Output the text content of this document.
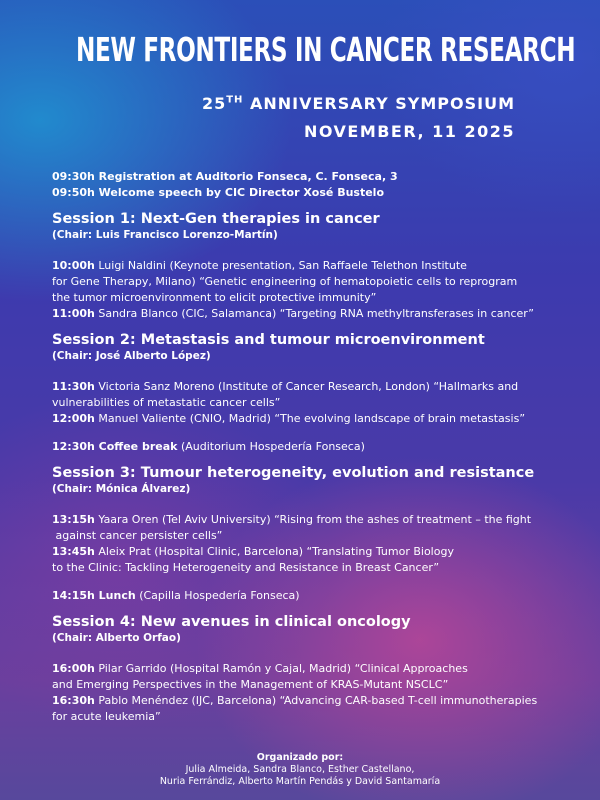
NEW FRONTIERS IN CANCER RESEARCH
25TH ANNIVERSARY SYMPOSIUM
NOVEMBER, 11 2025
09:30h Registration at Auditorio Fonseca, C. Fonseca, 3
09:50h Welcome speech by CIC Director Xosé Bustelo
Session 1: Next-Gen therapies in cancer
(Chair: Luis Francisco Lorenzo-Martín)
10:00h Luigi Naldini (Keynote presentation, San Raffaele Telethon Institute
for Gene Therapy, Milano) “Genetic engineering of hematopoietic cells to reprogram
the tumor microenvironment to elicit protective immunity”
11:00h Sandra Blanco (CIC, Salamanca) “Targeting RNA methyltransferases in cancer”
Session 2: Metastasis and tumour microenvironment
(Chair: José Alberto López)
11:30h Victoria Sanz Moreno (Institute of Cancer Research, London) “Hallmarks and
vulnerabilities of metastatic cancer cells”
12:00h Manuel Valiente (CNIO, Madrid) “The evolving landscape of brain metastasis”
12:30h Coffee break (Auditorium Hospedería Fonseca)
Session 3: Tumour heterogeneity, evolution and resistance
(Chair: Mónica Álvarez)
13:15h Yaara Oren (Tel Aviv University) “Rising from the ashes of treatment – the fight
against cancer persister cells”
13:45h Aleix Prat (Hospital Clinic, Barcelona) “Translating Tumor Biology
to the Clinic: Tackling Heterogeneity and Resistance in Breast Cancer”
14:15h Lunch (Capilla Hospedería Fonseca)
Session 4: New avenues in clinical oncology
(Chair: Alberto Orfao)
16:00h Pilar Garrido (Hospital Ramón y Cajal, Madrid) “Clinical Approaches
and Emerging Perspectives in the Management of KRAS-Mutant NSCLC”
16:30h Pablo Menéndez (IJC, Barcelona) “Advancing CAR-based T-cell immunotherapies
for acute leukemia”
Organizado por:
Julia Almeida, Sandra Blanco, Esther Castellano,
Nuria Ferrándiz, Alberto Martín Pendás y David Santamaría
